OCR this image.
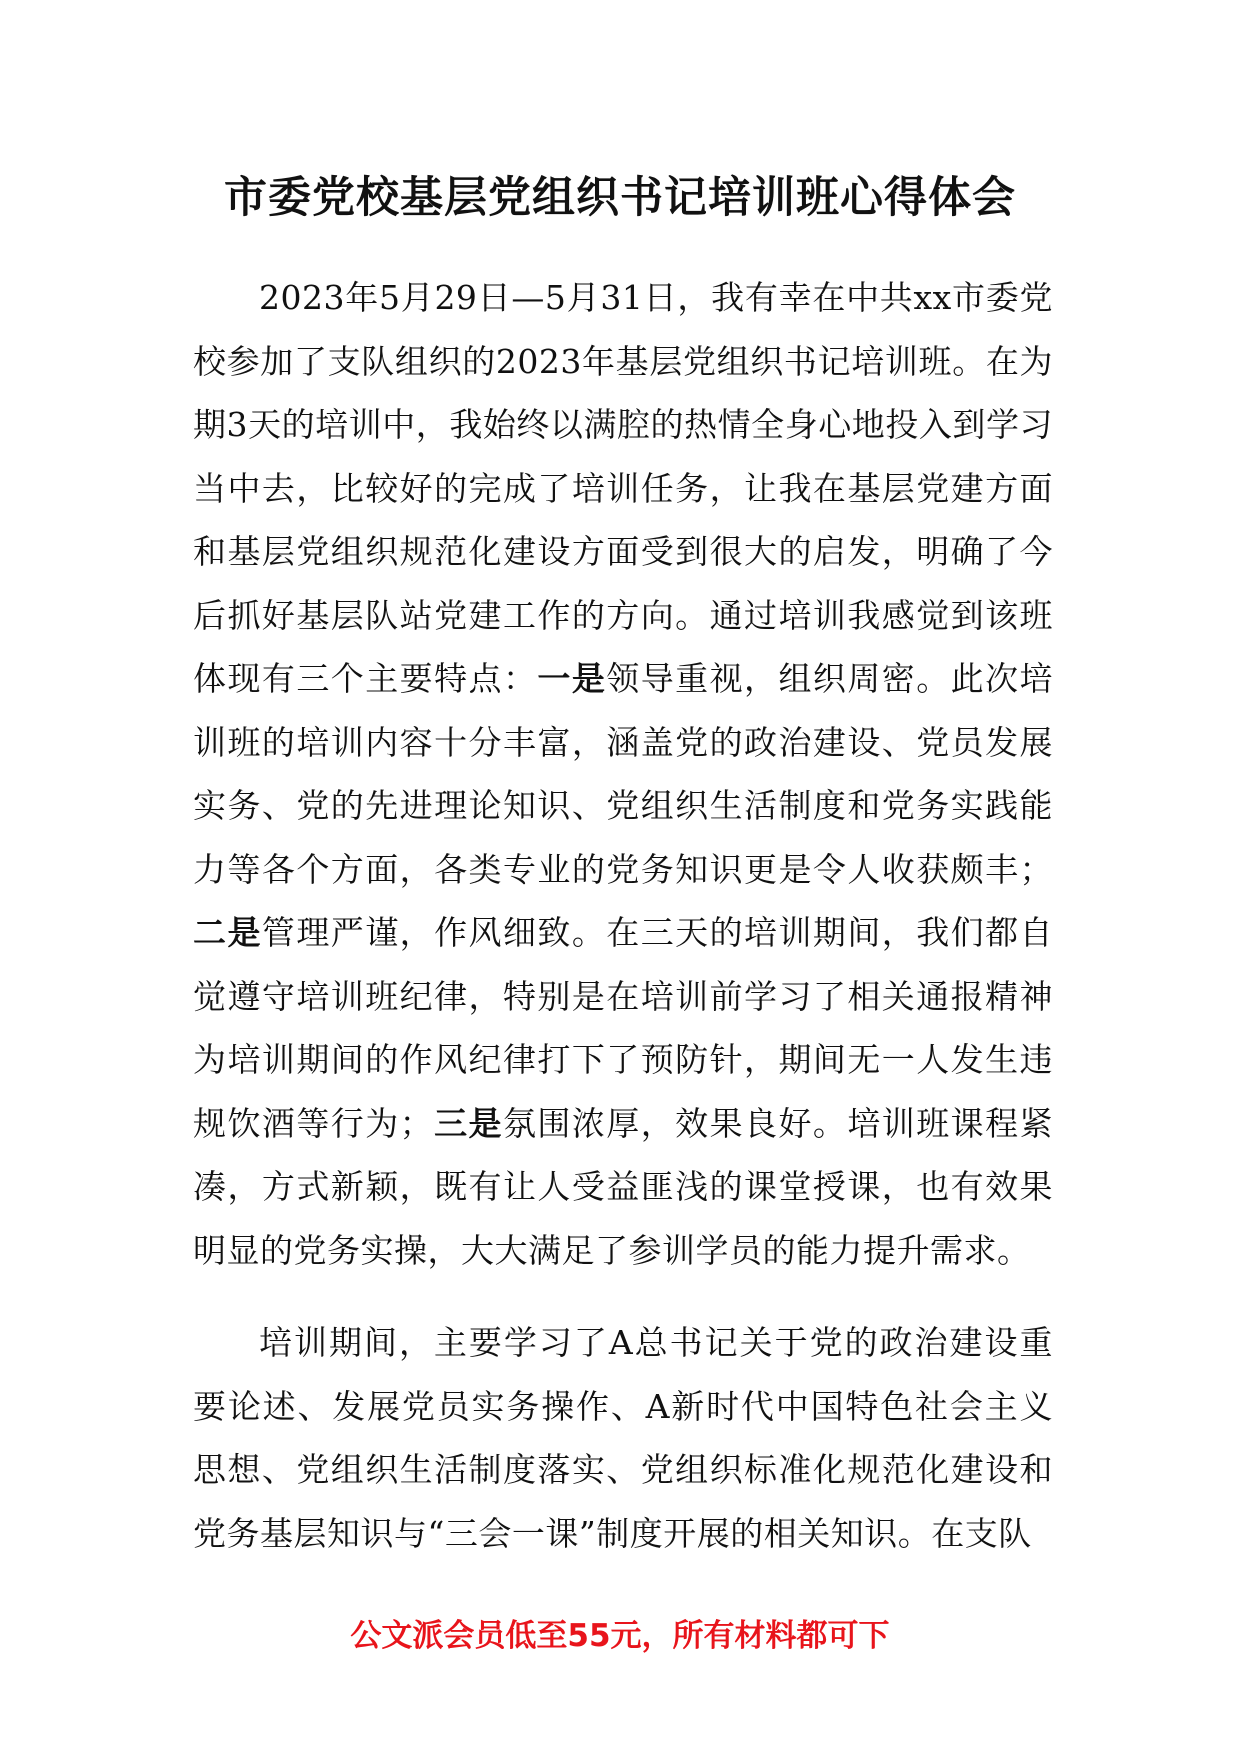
市委党校基层党组织书记培训班心得体会

2023年5月29日—5月31日，我有幸在中共xx市委党校参加了支队组织的2023年基层党组织书记培训班。在为期3天的培训中，我始终以满腔的热情全身心地投入到学习当中去，比较好的完成了培训任务，让我在基层党建方面和基层党组织规范化建设方面受到很大的启发，明确了今后抓好基层队站党建工作的方向。通过培训我感觉到该班体现有三个主要特点：一是领导重视，组织周密。此次培训班的培训内容十分丰富，涵盖党的政治建设、党员发展实务、党的先进理论知识、党组织生活制度和党务实践能力等各个方面，各类专业的党务知识更是令人收获颇丰；二是管理严谨，作风细致。在三天的培训期间，我们都自觉遵守培训班纪律，特别是在培训前学习了相关通报精神为培训期间的作风纪律打下了预防针，期间无一人发生违规饮酒等行为；三是氛围浓厚，效果良好。培训班课程紧凑，方式新颖，既有让人受益匪浅的课堂授课，也有效果明显的党务实操，大大满足了参训学员的能力提升需求。

培训期间，主要学习了A总书记关于党的政治建设重要论述、发展党员实务操作、A新时代中国特色社会主义思想、党组织生活制度落实、党组织标准化规范化建设和党务基层知识与“三会一课”制度开展的相关知识。在支队

公文派会员低至55元，所有材料都可下
